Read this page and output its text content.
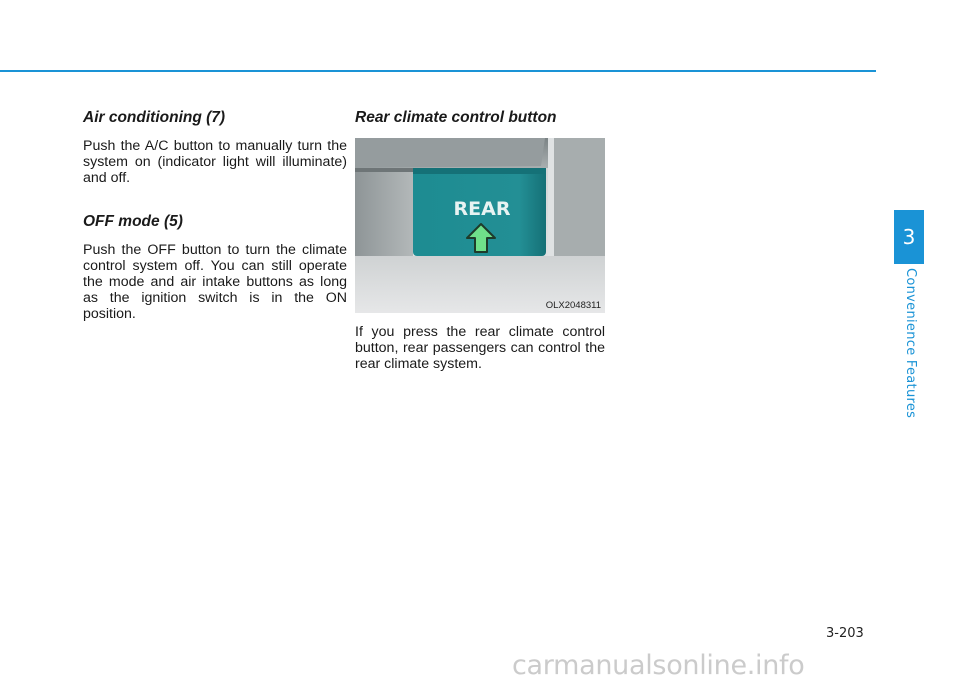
Air conditioning (7)

Push the A/C button to manually turn the system on (indicator light will illuminate) and off.

OFF mode (5)

Push the OFF button to turn the climate control system off. You can still operate the mode and air intake buttons as long as the ignition switch is in the ON position.

Rear climate control button
REAR
OLX2048311

If you press the rear climate control button, rear passengers can control the rear climate system.

3
Convenience Features
3-203
carmanualsonline.info
